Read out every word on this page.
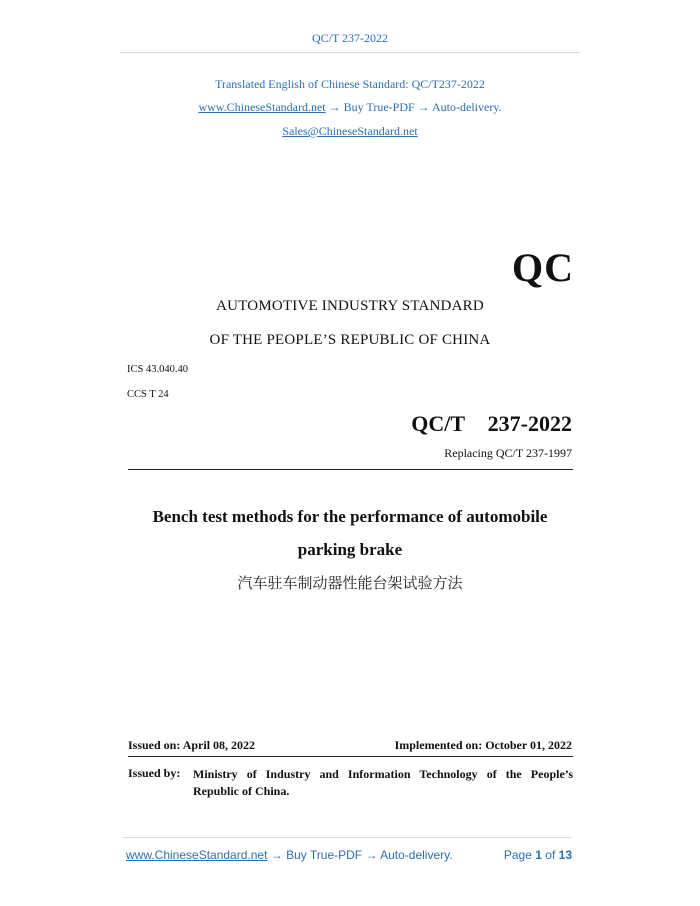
QC/T 237-2022
Translated English of Chinese Standard: QC/T237-2022
www.ChineseStandard.net → Buy True-PDF → Auto-delivery.
Sales@ChineseStandard.net
QC
AUTOMOTIVE INDUSTRY STANDARD
OF THE PEOPLE’S REPUBLIC OF CHINA
ICS 43.040.40
CCS T 24
QC/T  237-2022
Replacing QC/T 237-1997
Bench test methods for the performance of automobile
parking brake
汽车驻车制动器性能台架试验方法
Issued on: April 08, 2022	Implemented on: October 01, 2022
Issued by: Ministry of Industry and Information Technology of the People’s Republic of China.
www.ChineseStandard.net → Buy True-PDF → Auto-delivery.	Page 1 of 13
